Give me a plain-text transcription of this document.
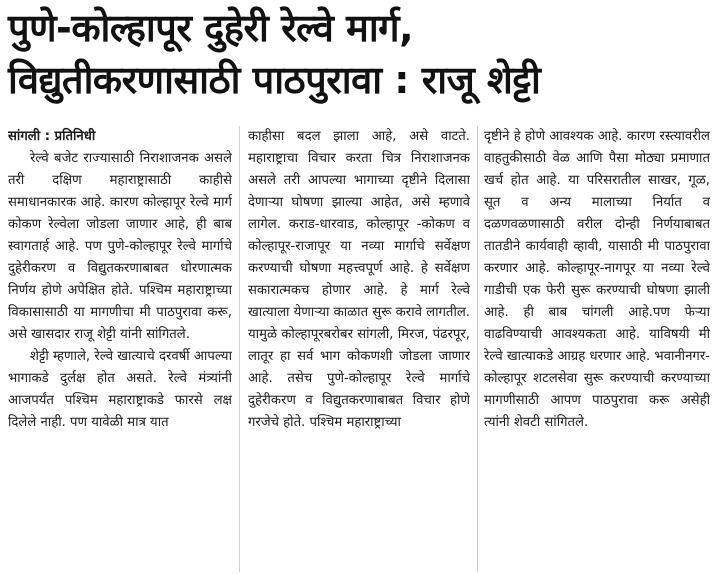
पुणे-कोल्हापूर दुहेरी रेल्वे मार्ग,
विद्युतीकरणासाठी पाठपुरावा : राजू शेट्टी

सांगली : प्रतिनिधी

रेल्वे बजेट राज्यासाठी निराशाजनक असले तरी दक्षिण महाराष्ट्रासाठी काहीसे समाधानकारक आहे. कारण कोल्हापूर रेल्वे मार्ग कोकण रेल्वेला जोडला जाणार आहे, ही बाब स्वागतार्ह आहे. पण पुणे-कोल्हापूर रेल्वे मार्गाचे दुहेरीकरण व विद्युतकरणाबाबत धोरणात्मक निर्णय होणे अपेक्षित होते. पश्चिम महाराष्ट्राच्या विकासासाठी या मागणीचा मी पाठपुरावा करू, असे खासदार राजू शेट्टी यांनी सांगितले.

शेट्टी म्हणाले, रेल्वे खात्याचे दरवर्षी आपल्या भागाकडे दुर्लक्ष होत असते. रेल्वे मंत्र्यांनी आजपर्यंत पश्चिम महाराष्ट्राकडे फारसे लक्ष दिलेले नाही. पण यावेळी मात्र यात

काहीसा बदल झाला आहे, असे वाटते. महाराष्ट्राचा विचार करता चित्र निराशाजनक असले तरी आपल्या भागाच्या दृष्टीने दिलासा देणाऱ्या घोषणा झाल्या आहेत, असे म्हणावे लागेल. कराड-धारवाड, कोल्हापूर -कोकण व कोल्हापूर-राजापूर या नव्या मार्गाचे सर्वेक्षण करण्याची घोषणा महत्त्वपूर्ण आहे. हे सर्वेक्षण सकारात्मकच होणार आहे. हे मार्ग रेल्वे खात्याला येणाऱ्या काळात सुरू करावे लागतील. यामुळे कोल्हापूरबरोबर सांगली, मिरज, पंढरपूर, लातूर हा सर्व भाग कोकणशी जोडला जाणार आहे. तसेच पुणे-कोल्हापूर रेल्वे मार्गाचे दुहेरीकरण व विद्युतकरणाबाबत विचार होणे गरजेचे होते. पश्चिम महाराष्ट्राच्या

दृष्टीने हे होणे आवश्यक आहे. कारण रस्त्यावरील वाहतुकीसाठी वेळ आणि पैसा मोठ्या प्रमाणात खर्च होत आहे. या परिसरातील साखर, गूळ, सूत व अन्य मालाच्या निर्यात व दळणवळणासाठी वरील दोन्ही निर्णयाबाबत तातडीने कार्यवाही व्हावी, यासाठी मी पाठपुरावा करणार आहे. कोल्हापूर-नागपूर या नव्या रेल्वे गाडीची एक फेरी सुरू करण्याची घोषणा झाली आहे. ही बाब चांगली आहे.पण फेऱ्या वाढविण्याची आवश्यकता आहे. याविषयी मी रेल्वे खात्याकडे आग्रह धरणार आहे. भवानीनगर- कोल्हापूर शटलसेवा सुरू करण्याची करण्याच्या मागणीसाठी आपण पाठपुरावा करू असेही त्यांनी शेवटी सांगितले.
